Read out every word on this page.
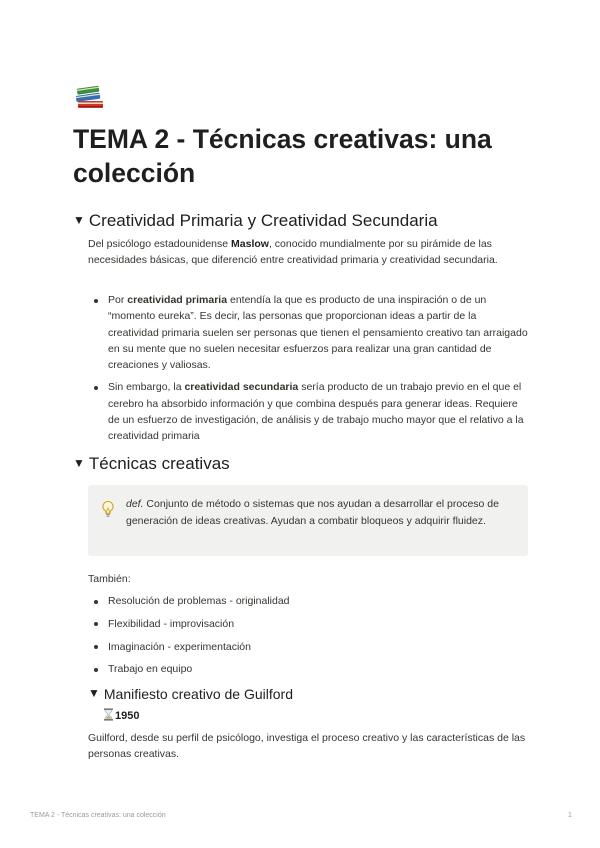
TEMA 2 - Técnicas creativas: una colección
▼ Creatividad Primaria y Creatividad Secundaria

Del psicólogo estadounidense Maslow, conocido mundialmente por su pirámide de las necesidades básicas, que diferenció entre creatividad primaria y creatividad secundaria.

Por creatividad primaria entendía la que es producto de una inspiración o de un “momento eureka”. Es decir, las personas que proporcionan ideas a partir de la creatividad primaria suelen ser personas que tienen el pensamiento creativo tan arraigado en su mente que no suelen necesitar esfuerzos para realizar una gran cantidad de creaciones y valiosas.
Sin embargo, la creatividad secundaria sería producto de un trabajo previo en el que el cerebro ha absorbido información y que combina después para generar ideas. Requiere de un esfuerzo de investigación, de análisis y de trabajo mucho mayor que el relativo a la creatividad primaria
▼ Técnicas creativas

def. Conjunto de método o sistemas que nos ayudan a desarrollar el proceso de generación de ideas creativas. Ayudan a combatir bloqueos y adquirir fluidez.

También:

Resolución de problemas - originalidad
Flexibilidad - improvisación
Imaginación - experimentación
Trabajo en equipo
▼ Manifiesto creativo de Guilford
1950

Guilford, desde su perfil de psicólogo, investiga el proceso creativo y las características de las personas creativas.

TEMA 2 - Técnicas creativas: una colección	1
